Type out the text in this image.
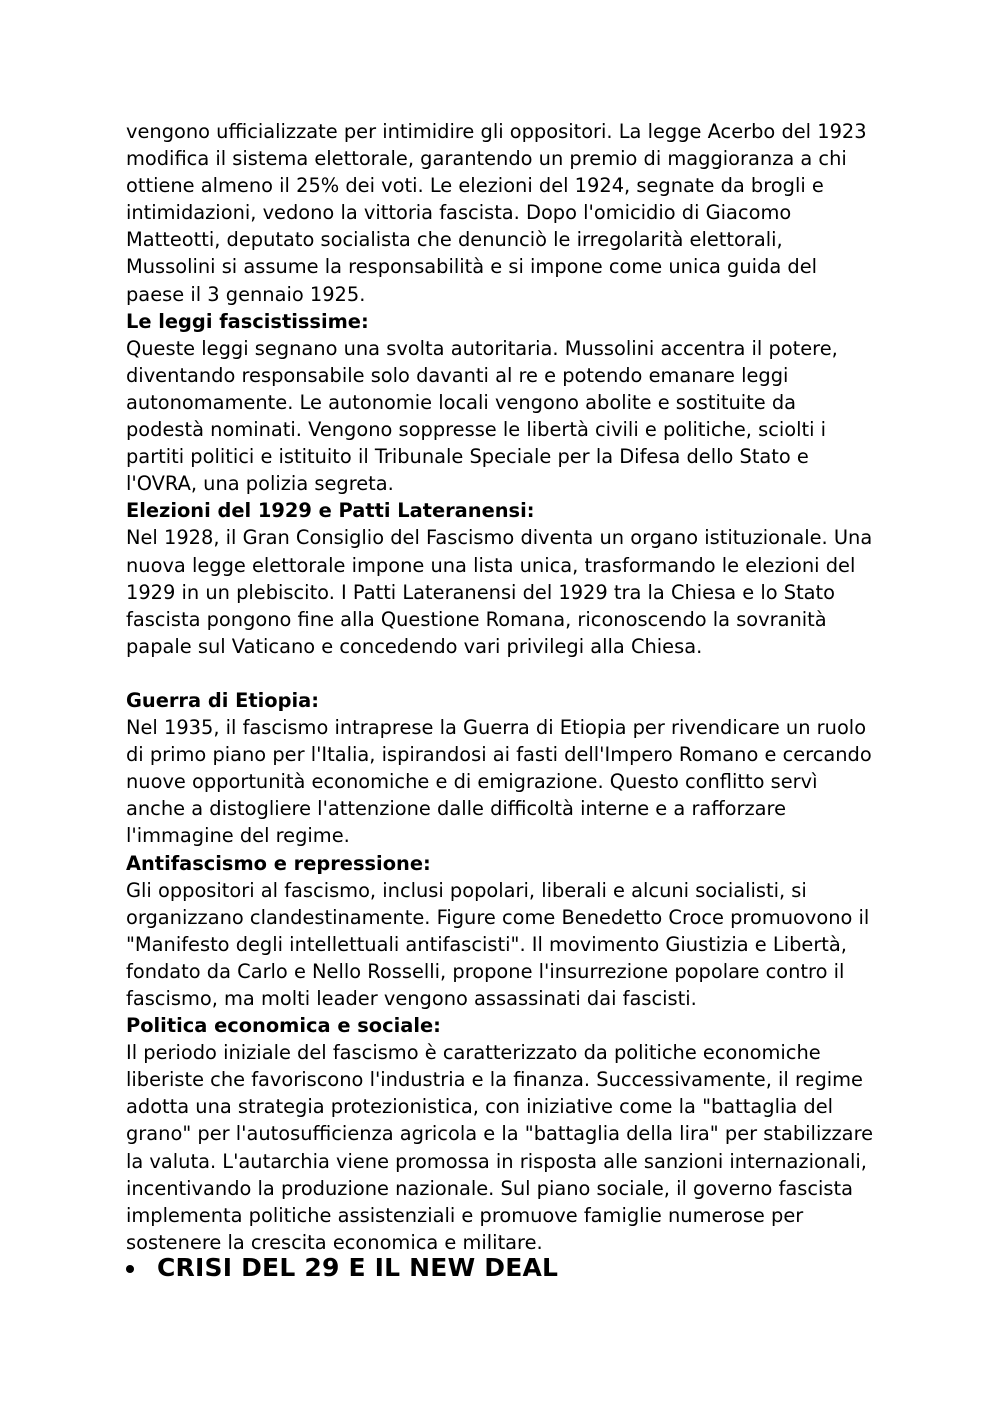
vengono ufficializzate per intimidire gli oppositori. La legge Acerbo del 1923
modifica il sistema elettorale, garantendo un premio di maggioranza a chi
ottiene almeno il 25% dei voti. Le elezioni del 1924, segnate da brogli e
intimidazioni, vedono la vittoria fascista. Dopo l'omicidio di Giacomo
Matteotti, deputato socialista che denunciò le irregolarità elettorali,
Mussolini si assume la responsabilità e si impone come unica guida del
paese il 3 gennaio 1925.
Le leggi fascistissime:
Queste leggi segnano una svolta autoritaria. Mussolini accentra il potere,
diventando responsabile solo davanti al re e potendo emanare leggi
autonomamente. Le autonomie locali vengono abolite e sostituite da
podestà nominati. Vengono soppresse le libertà civili e politiche, sciolti i
partiti politici e istituito il Tribunale Speciale per la Difesa dello Stato e
l'OVRA, una polizia segreta.
Elezioni del 1929 e Patti Lateranensi:
Nel 1928, il Gran Consiglio del Fascismo diventa un organo istituzionale. Una
nuova legge elettorale impone una lista unica, trasformando le elezioni del
1929 in un plebiscito. I Patti Lateranensi del 1929 tra la Chiesa e lo Stato
fascista pongono fine alla Questione Romana, riconoscendo la sovranità
papale sul Vaticano e concedendo vari privilegi alla Chiesa.
Guerra di Etiopia:
Nel 1935, il fascismo intraprese la Guerra di Etiopia per rivendicare un ruolo
di primo piano per l'Italia, ispirandosi ai fasti dell'Impero Romano e cercando
nuove opportunità economiche e di emigrazione. Questo conflitto servì
anche a distogliere l'attenzione dalle difficoltà interne e a rafforzare
l'immagine del regime.
Antifascismo e repressione:
Gli oppositori al fascismo, inclusi popolari, liberali e alcuni socialisti, si
organizzano clandestinamente. Figure come Benedetto Croce promuovono il
"Manifesto degli intellettuali antifascisti". Il movimento Giustizia e Libertà,
fondato da Carlo e Nello Rosselli, propone l'insurrezione popolare contro il
fascismo, ma molti leader vengono assassinati dai fascisti.
Politica economica e sociale:
Il periodo iniziale del fascismo è caratterizzato da politiche economiche
liberiste che favoriscono l'industria e la finanza. Successivamente, il regime
adotta una strategia protezionistica, con iniziative come la "battaglia del
grano" per l'autosufficienza agricola e la "battaglia della lira" per stabilizzare
la valuta. L'autarchia viene promossa in risposta alle sanzioni internazionali,
incentivando la produzione nazionale. Sul piano sociale, il governo fascista
implementa politiche assistenziali e promuove famiglie numerose per
sostenere la crescita economica e militare.
CRISI DEL 29 E IL NEW DEAL
